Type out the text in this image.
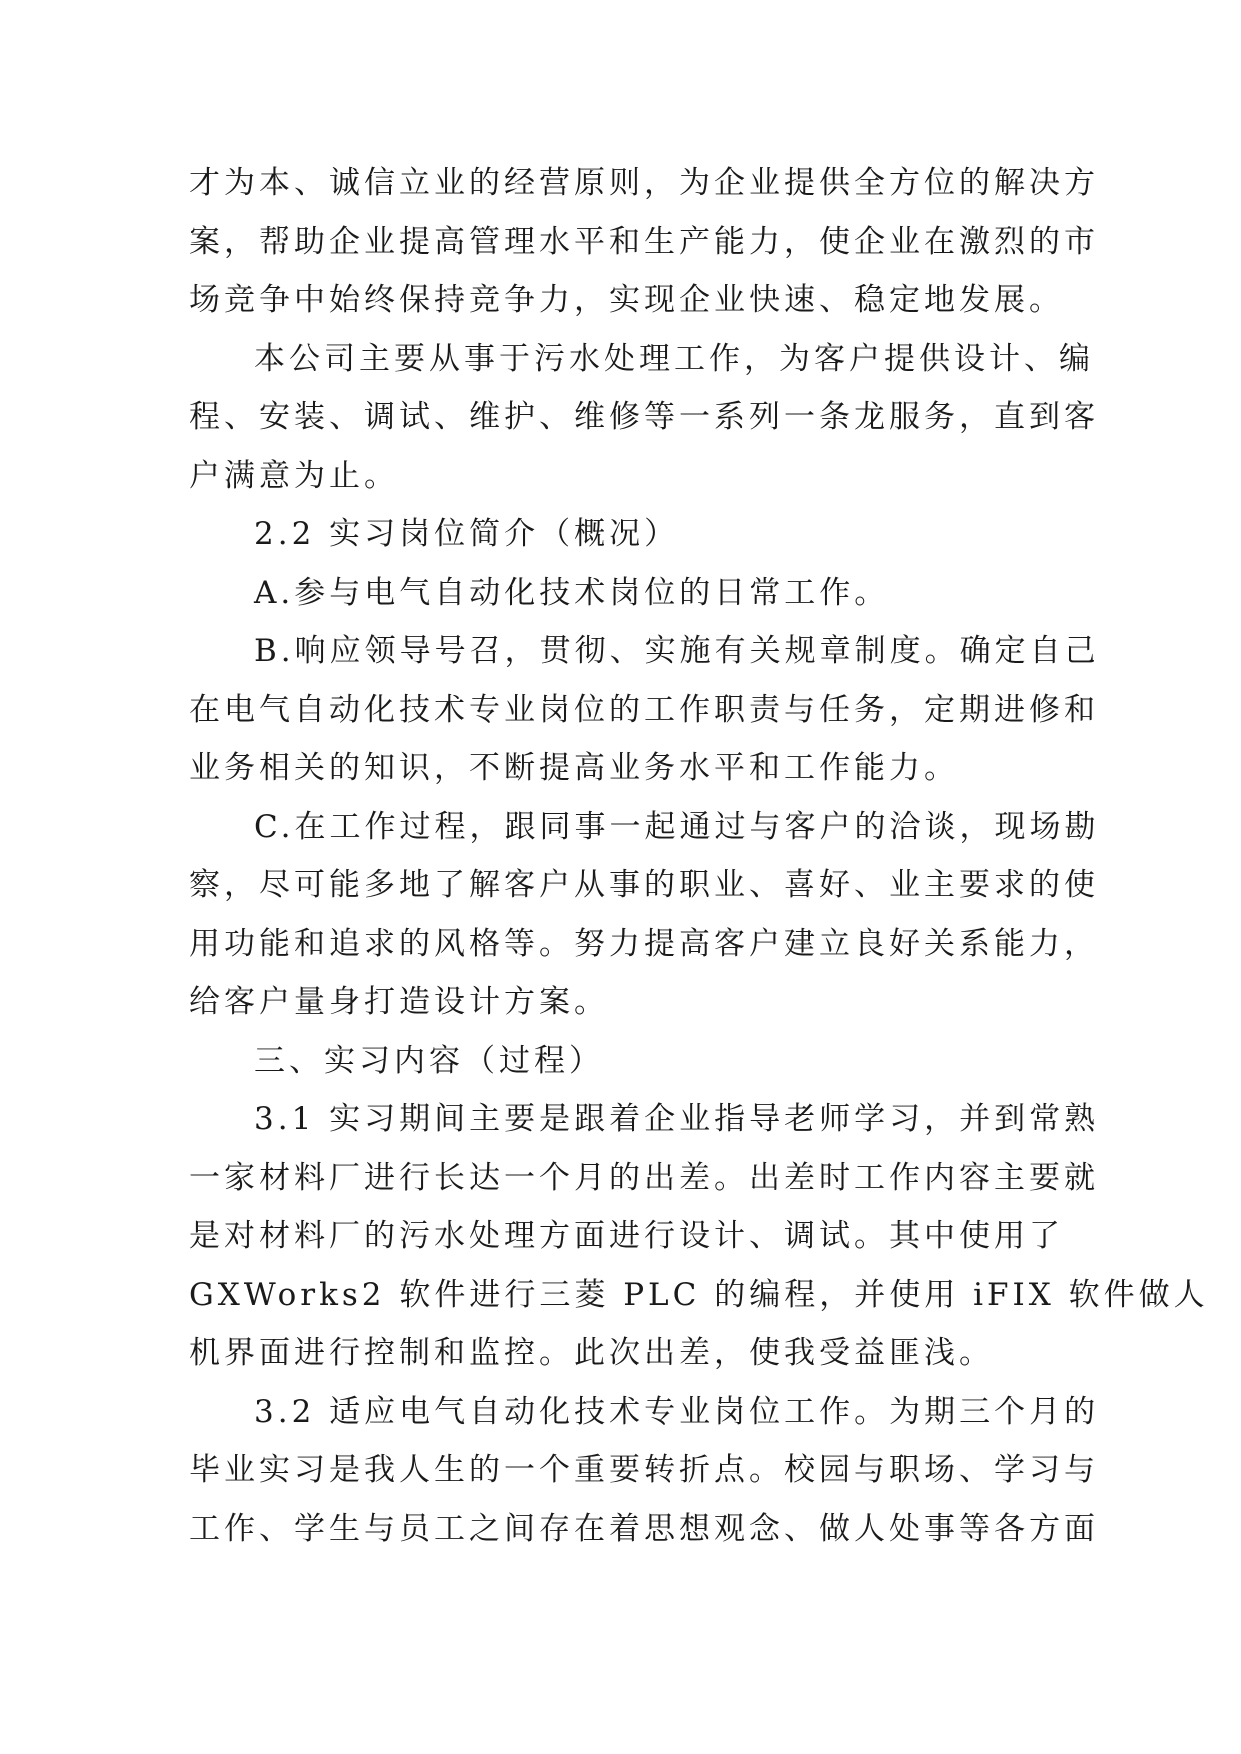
才为本、诚信立业的经营原则，为企业提供全方位的解决方
案，帮助企业提高管理水平和生产能力，使企业在激烈的市
场竞争中始终保持竞争力，实现企业快速、稳定地发展。
本公司主要从事于污水处理工作，为客户提供设计、编
程、安装、调试、维护、维修等一系列一条龙服务，直到客
户满意为止。
2.2 实习岗位简介（概况）
A.参与电气自动化技术岗位的日常工作。
B.响应领导号召，贯彻、实施有关规章制度。确定自己
在电气自动化技术专业岗位的工作职责与任务，定期进修和
业务相关的知识，不断提高业务水平和工作能力。
C.在工作过程，跟同事一起通过与客户的洽谈，现场勘
察，尽可能多地了解客户从事的职业、喜好、业主要求的使
用功能和追求的风格等。努力提高客户建立良好关系能力，
给客户量身打造设计方案。
三、实习内容（过程）
3.1 实习期间主要是跟着企业指导老师学习，并到常熟
一家材料厂进行长达一个月的出差。出差时工作内容主要就
是对材料厂的污水处理方面进行设计、调试。其中使用了
GXWorks2 软件进行三菱 PLC 的编程，并使用 iFIX 软件做人
机界面进行控制和监控。此次出差，使我受益匪浅。
3.2 适应电气自动化技术专业岗位工作。为期三个月的
毕业实习是我人生的一个重要转折点。校园与职场、学习与
工作、学生与员工之间存在着思想观念、做人处事等各方面
